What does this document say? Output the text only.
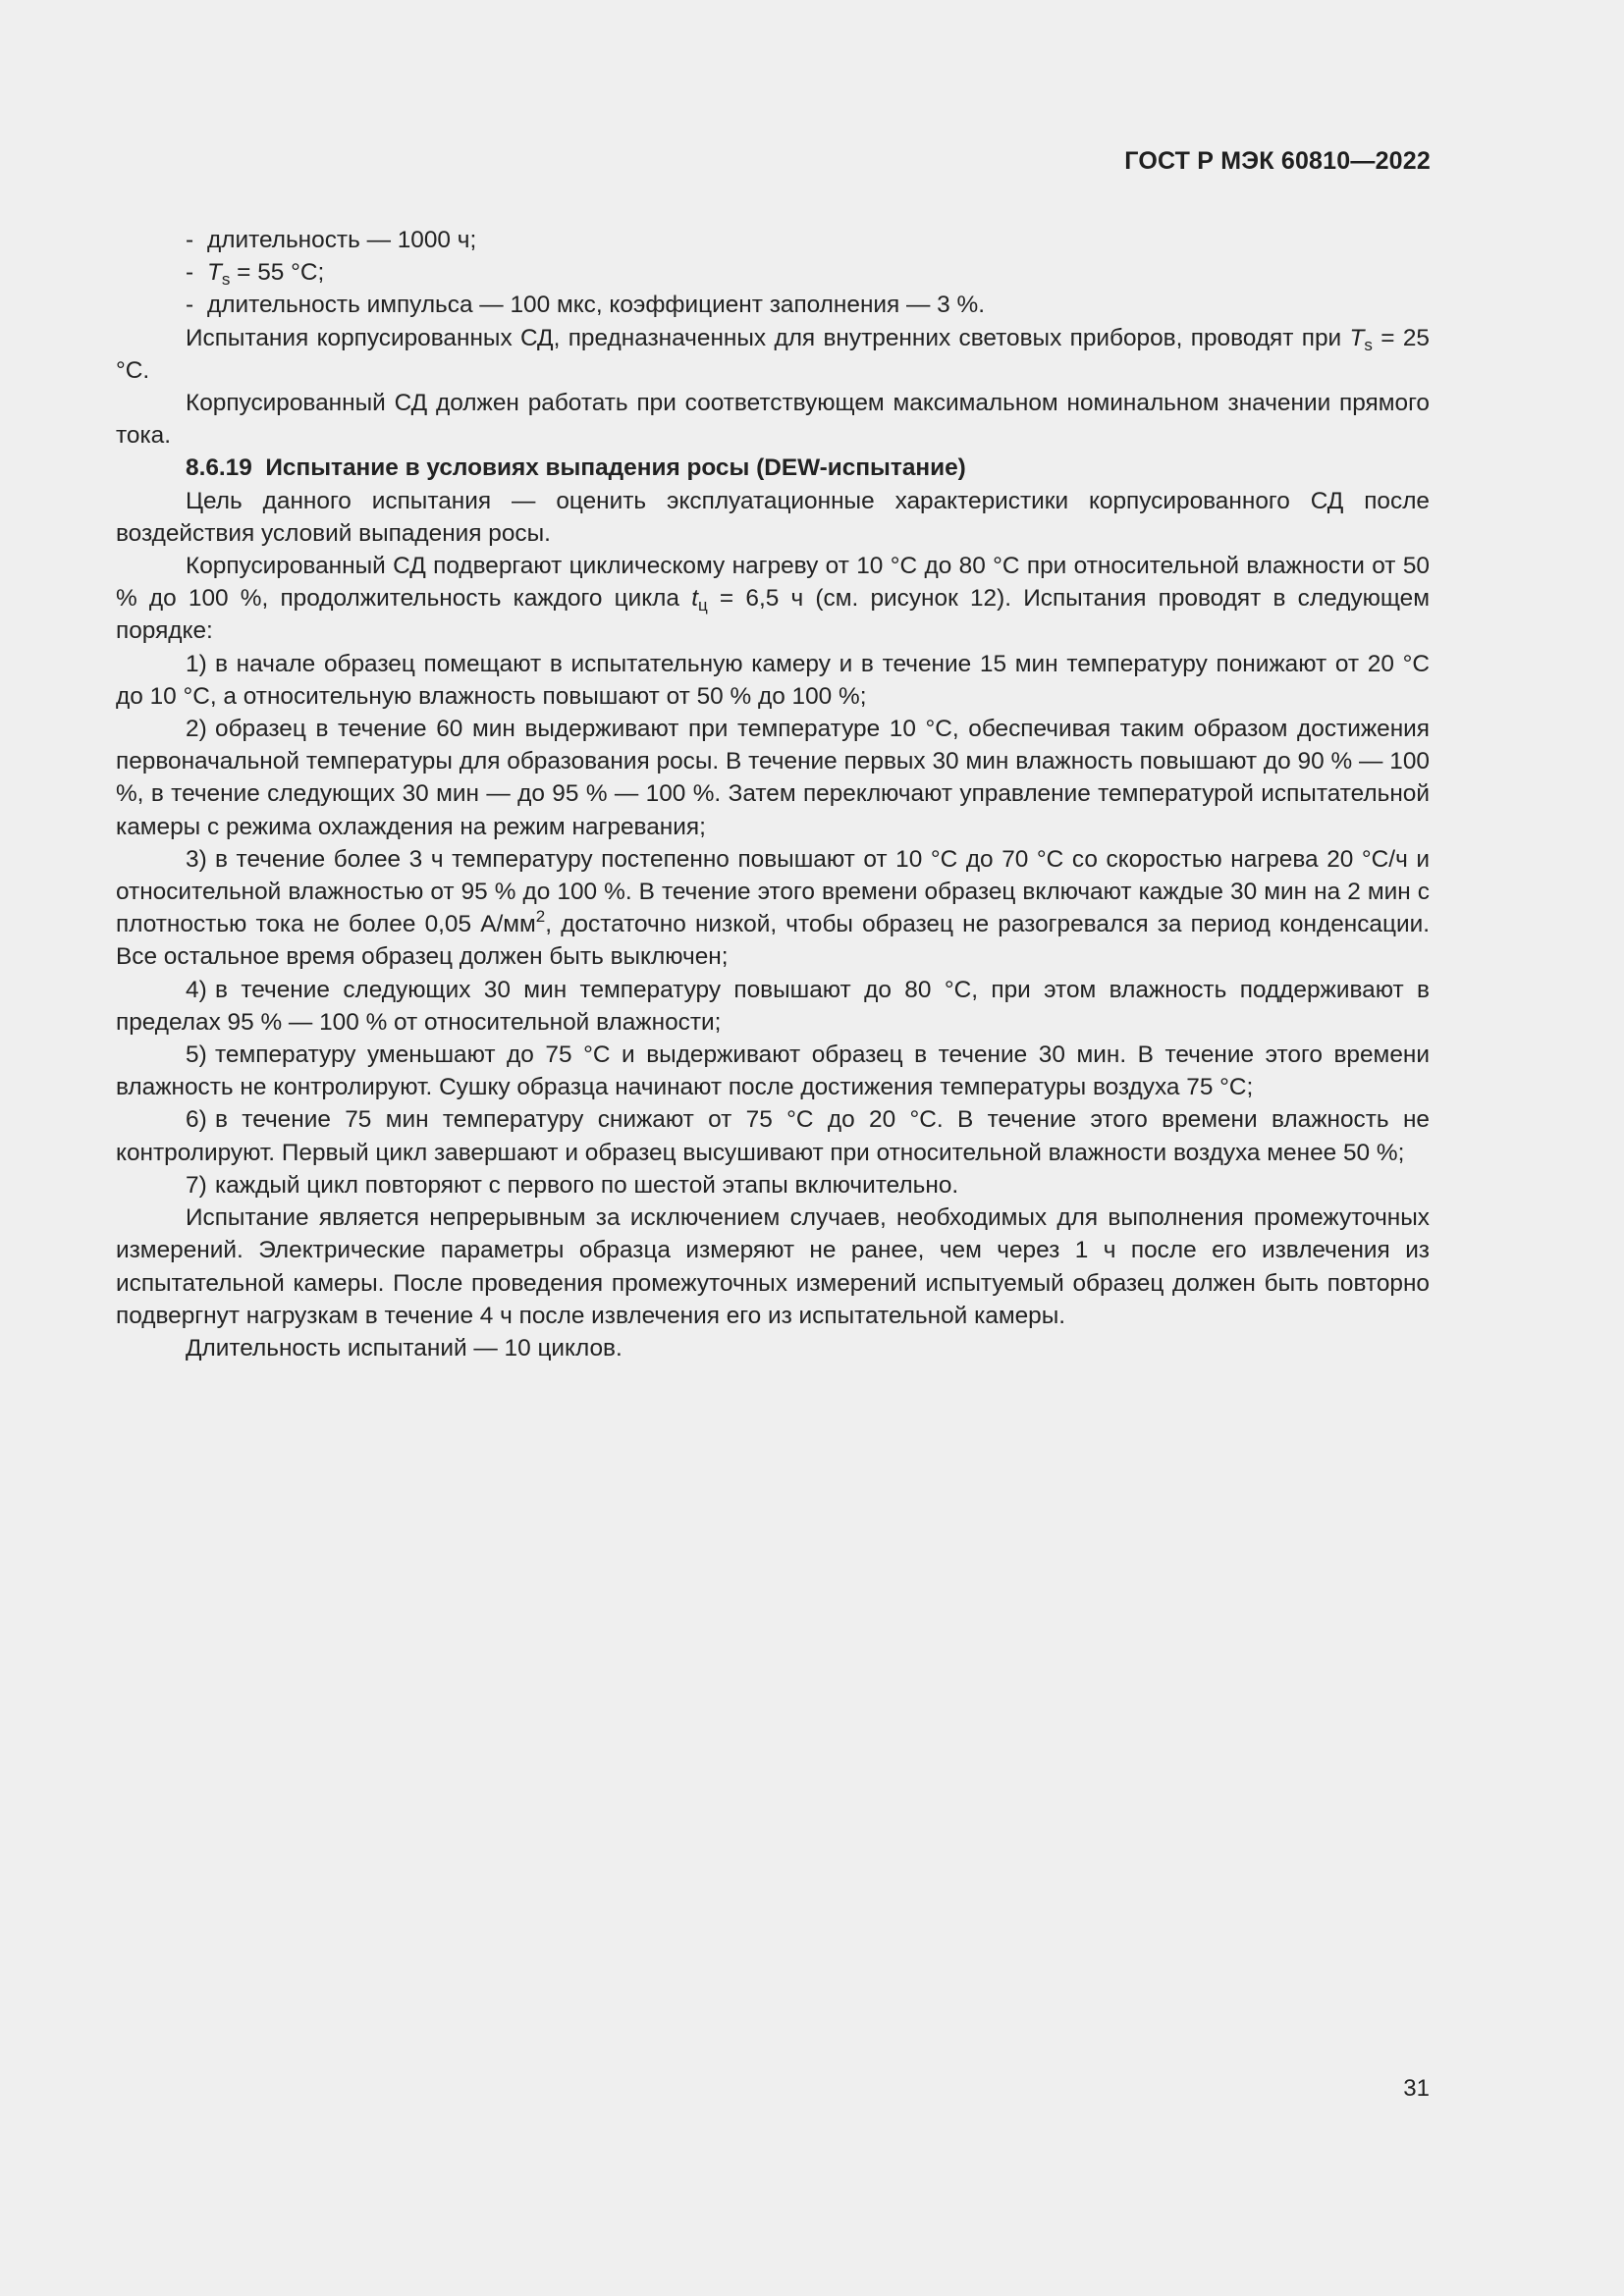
ГОСТ Р МЭК 60810—2022

- длительность — 1000 ч;

- $T_s = 55$ °C;

- длительность импульса — 100 мкс, коэффициент заполнения — 3 %.

Испытания корпусированных СД, предназначенных для внутренних световых приборов, проводят при $T_s = 25$ °C.

Корпусированный СД должен работать при соответствующем максимальном номинальном значении прямого тока.

8.6.19 Испытание в условиях выпадения росы (DEW-испытание)

Цель данного испытания — оценить эксплуатационные характеристики корпусированного СД после воздействия условий выпадения росы.

Корпусированный СД подвергают циклическому нагреву от 10 °C до 80 °C при относительной влажности от 50 % до 100 %, продолжительность каждого цикла $t_ц = 6,5$ ч (см. рисунок 12). Испытания проводят в следующем порядке:

1) в начале образец помещают в испытательную камеру и в течение 15 мин температуру понижают от 20 °C до 10 °C, а относительную влажность повышают от 50 % до 100 %;

2) образец в течение 60 мин выдерживают при температуре 10 °C, обеспечивая таким образом достижения первоначальной температуры для образования росы. В течение первых 30 мин влажность повышают до 90 % — 100 %, в течение следующих 30 мин — до 95 % — 100 %. Затем переключают управление температурой испытательной камеры с режима охлаждения на режим нагревания;

3) в течение более 3 ч температуру постепенно повышают от 10 °C до 70 °C со скоростью нагрева 20 °C/ч и относительной влажностью от 95 % до 100 %. В течение этого времени образец включают каждые 30 мин на 2 мин с плотностью тока не более 0,05 $А/мм^2$, достаточно низкой, чтобы образец не разогревался за период конденсации. Все остальное время образец должен быть выключен;

4) в течение следующих 30 мин температуру повышают до 80 °C, при этом влажность поддерживают в пределах 95 % — 100 % от относительной влажности;

5) температуру уменьшают до 75 °C и выдерживают образец в течение 30 мин. В течение этого времени влажность не контролируют. Сушку образца начинают после достижения температуры воздуха 75 °C;

6) в течение 75 мин температуру снижают от 75 °C до 20 °C. В течение этого времени влажность не контролируют. Первый цикл завершают и образец высушивают при относительной влажности воздуха менее 50 %;

7) каждый цикл повторяют с первого по шестой этапы включительно.

Испытание является непрерывным за исключением случаев, необходимых для выполнения промежуточных измерений. Электрические параметры образца измеряют не ранее, чем через 1 ч после его извлечения из испытательной камеры. После проведения промежуточных измерений испытуемый образец должен быть повторно подвергнут нагрузкам в течение 4 ч после извлечения его из испытательной камеры.

Длительность испытаний — 10 циклов.

31
